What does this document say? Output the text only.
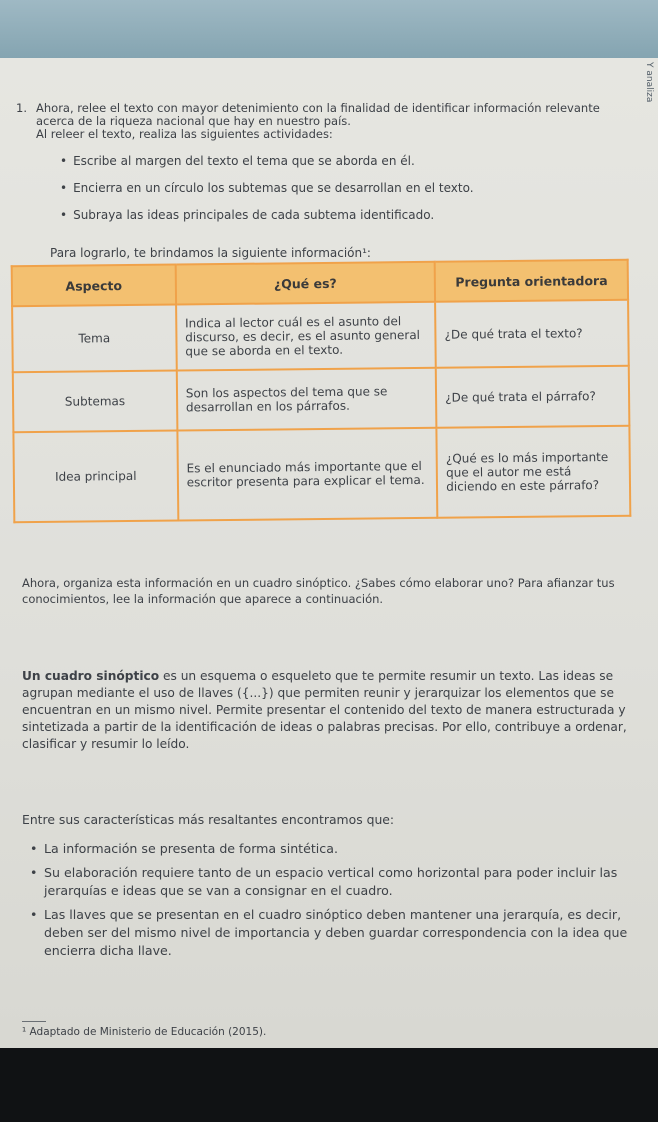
Y analiza
1. Ahora, relee el texto con mayor detenimiento con la finalidad de identificar información relevante acerca de la riqueza nacional que hay en nuestro país.
Al releer el texto, realiza las siguientes actividades:
• Escribe al margen del texto el tema que se aborda en él.
• Encierra en un círculo los subtemas que se desarrollan en el texto.
• Subraya las ideas principales de cada subtema identificado.
Para lograrlo, te brindamos la siguiente información¹:
Aspecto	¿Qué es?	Pregunta orientadora
Tema	Indica al lector cuál es el asunto del discurso, es decir, es el asunto general que se aborda en el texto.	¿De qué trata el texto?
Subtemas	Son los aspectos del tema que se desarrollan en los párrafos.	¿De qué trata el párrafo?
Idea principal	Es el enunciado más importante que el escritor presenta para explicar el tema.	¿Qué es lo más importante que el autor me está diciendo en este párrafo?
Ahora, organiza esta información en un cuadro sinóptico. ¿Sabes cómo elaborar uno? Para afianzar tus conocimientos, lee la información que aparece a continuación.
Un cuadro sinóptico es un esquema o esqueleto que te permite resumir un texto. Las ideas se agrupan mediante el uso de llaves ({...}) que permiten reunir y jerarquizar los elementos que se encuentran en un mismo nivel. Permite presentar el contenido del texto de manera estructurada y sintetizada a partir de la identificación de ideas o palabras precisas. Por ello, contribuye a ordenar, clasificar y resumir lo leído.
Entre sus características más resaltantes encontramos que:
• La información se presenta de forma sintética.
• Su elaboración requiere tanto de un espacio vertical como horizontal para poder incluir las jerarquías e ideas que se van a consignar en el cuadro.
• Las llaves que se presentan en el cuadro sinóptico deben mantener una jerarquía, es decir, deben ser del mismo nivel de importancia y deben guardar correspondencia con la idea que encierra dicha llave.
¹ Adaptado de Ministerio de Educación (2015).
